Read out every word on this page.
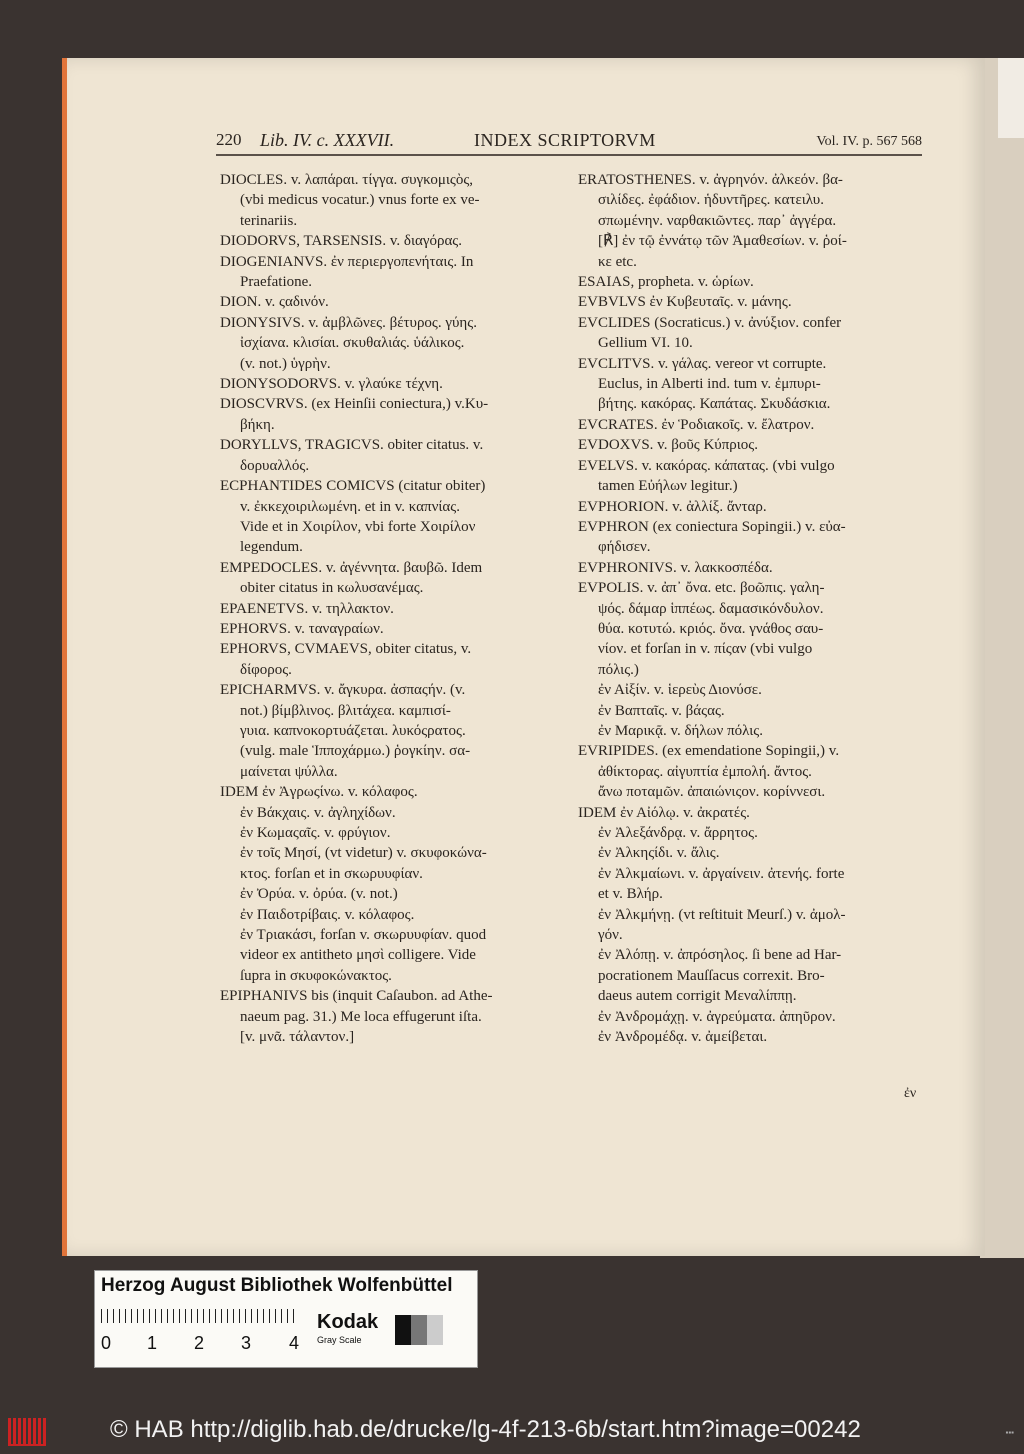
220 Lib. IV. c. XXXVII.	INDEX SCRIPTORVM	Vol. IV. p. 567 568
DIOCLES. v. λαπάραι. τίγγα. συγκομιςὸς,
(vbi medicus vocatur.) vnus forte ex ve-
terinariis.
DIODORVS, TARSENSIS. v. διαγόρας.
DIOGENIANVS. ἐν περιεργοπενήταις. In
Praefatione.
DION. v. ςαδινόν.
DIONYSIVS. v. ἀμβλῶνες. βέτυρος. γύης.
ἰσχίανα. κλισίαι. σκυθαλιάς. ὑάλικος.
(v. not.) ὑγρὴν.
DIONYSODORVS. v. γλαύκε τέχνη.
DIOSCVRVS. (ex Heinſii coniectura,) v.Κυ-
βήκη.
DORYLLVS, TRAGICVS. obiter citatus. v.
δορυαλλός.
ECPHANTIDES COMICVS (citatur obiter)
v. ἐκκεχοιριλωμένη. et in v. καπνίας.
Vide et in Χοιρίλον, vbi forte Χοιρίλον
legendum.
EMPEDOCLES. v. ἀγέννητα. βαυβῶ. Idem
obiter citatus in κωλυσανέμας.
EPAENETVS. v. τηλλακτον.
EPHORVS. v. ταναγραίων.
EPHORVS, CVMAEVS, obiter citatus, v.
δίφορος.
EPICHARMVS. v. ἄγκυρα. ἀσπαςήν. (v.
not.) βίμβλινος. βλιτάχεα. καμπισί-
γυια. καπνοκορτυάζεται. λυκόςρατος.
(vulg. male Ἱπποχάρμω.) ῥογκίην. σα-
μαίνεται ψύλλα.
IDEM ἐν Ἀγρωςίνω. v. κόλαφος.
ἐν Βάκχαις. v. ἀγληχίδων.
ἐν Κωμαςαῖς. v. φρύγιον.
ἐν τοῖς Μησί, (vt videtur) v. σκυφοκώνα-
κτος. forſan et in σκωρυυφίαν.
ἐν Ὀρύα. v. ὀρύα. (v. not.)
ἐν Παιδοτρίβαις. v. κόλαφος.
ἐν Τριακάσι, forſan v. σκωρυυφίαν. quod
videor ex antitheto μησὶ colligere. Vide
ſupra in σκυφοκώνακτος.
EPIPHANIVS bis (inquit Caſaubon. ad Athe-
naeum pag. 31.) Me loca effugerunt iſta.
[v. μνᾶ. τάλαντον.]
ERATOSTHENES. v. ἀγρηνόν. ἀλκεόν. βα-
σιλίδες. ἐφάδιον. ἡδυντῆρες. κατειλυ.
σπωμένην. ναρθακιῶντες. παρ᾽ ἀγγέρα.
[℟] ἐν τῷ ἐννάτῳ τῶν Ἀμαθεσίων. v. ῥοί-
κε etc.
ESAIAS, propheta. v. ὡρίων.
EVBVLVS ἐν Κυβευταῖς. v. μάνης.
EVCLIDES (Socraticus.) v. ἀνύξιον. confer
Gellium VI. 10.
EVCLITVS. v. γάλας. vereor vt corrupte.
Euclus, in Alberti ind. tum v. ἐμπυρι-
βήτης. κακόρας. Καπάτας. Σκυδάσκια.
EVCRATES. ἐν Ῥοδιακοῖς. v. ἔλατρον.
EVDOXVS. v. βοῦς Κύπριος.
EVELVS. v. κακόρας. κάπατας. (vbi vulgo
tamen Εὐήλων legitur.)
EVPHORION. v. ἀλλίξ. ἄνταρ.
EVPHRON (ex coniectura Sopingii.) v. εὐα-
φήδισεν.
EVPHRONIVS. v. λακκοσπέδα.
EVPOLIS. v. ἀπ᾽ ὄνα. etc. βοῶπις. γαλη-
ψός. δάμαρ ἱππέως. δαμασικόνδυλον.
θύα. κοτυτώ. κριός. ὄνα. γνάθος σαυ-
νίον. et forſan in v. πίςαν (vbi vulgo
πόλις.)
ἐν Αἰξίν. v. ἱερεὺς Διονύσε.
ἐν Βαπταῖς. v. βάςας.
ἐν Μαρικᾷ. v. δήλων πόλις.
EVRIPIDES. (ex emendatione Sopingii,) v.
ἀθίκτορας. αἰγυπτία ἐμπολή. ἄντος.
ἄνω ποταμῶν. ἀπαιώνιςον. κορίννεσι.
IDEM ἐν Αἰόλῳ. v. ἀκρατές.
ἐν Ἀλεξάνδρᾳ. v. ἄρρητος.
ἐν Ἀλκηςίδι. v. ἄλις.
ἐν Ἀλκμαίωνι. v. ἀργαίνειν. ἀτενής. forte
et v. Βλήρ.
ἐν Ἀλκμήνῃ. (vt reſtituit Meurſ.) v. ἀμολ-
γόν.
ἐν Ἀλόπῃ. v. ἀπρόσηλος. ſi bene ad Har-
pocrationem Mauſſacus correxit. Bro-
daeus autem corrigit Μεναλίππῃ.
ἐν Ἀνδρομάχῃ. v. ἀγρεύματα. ἀπηῦρον.
ἐν Ἀνδρομέδᾳ. v. ἀμείβεται.
ἐν
Herzog August Bibliothek Wolfenbüttel
0 1 2 3 4
Kodak
Gray Scale
© HAB http://diglib.hab.de/drucke/lg-4f-213-6b/start.htm?image=00242	▪▪▪
